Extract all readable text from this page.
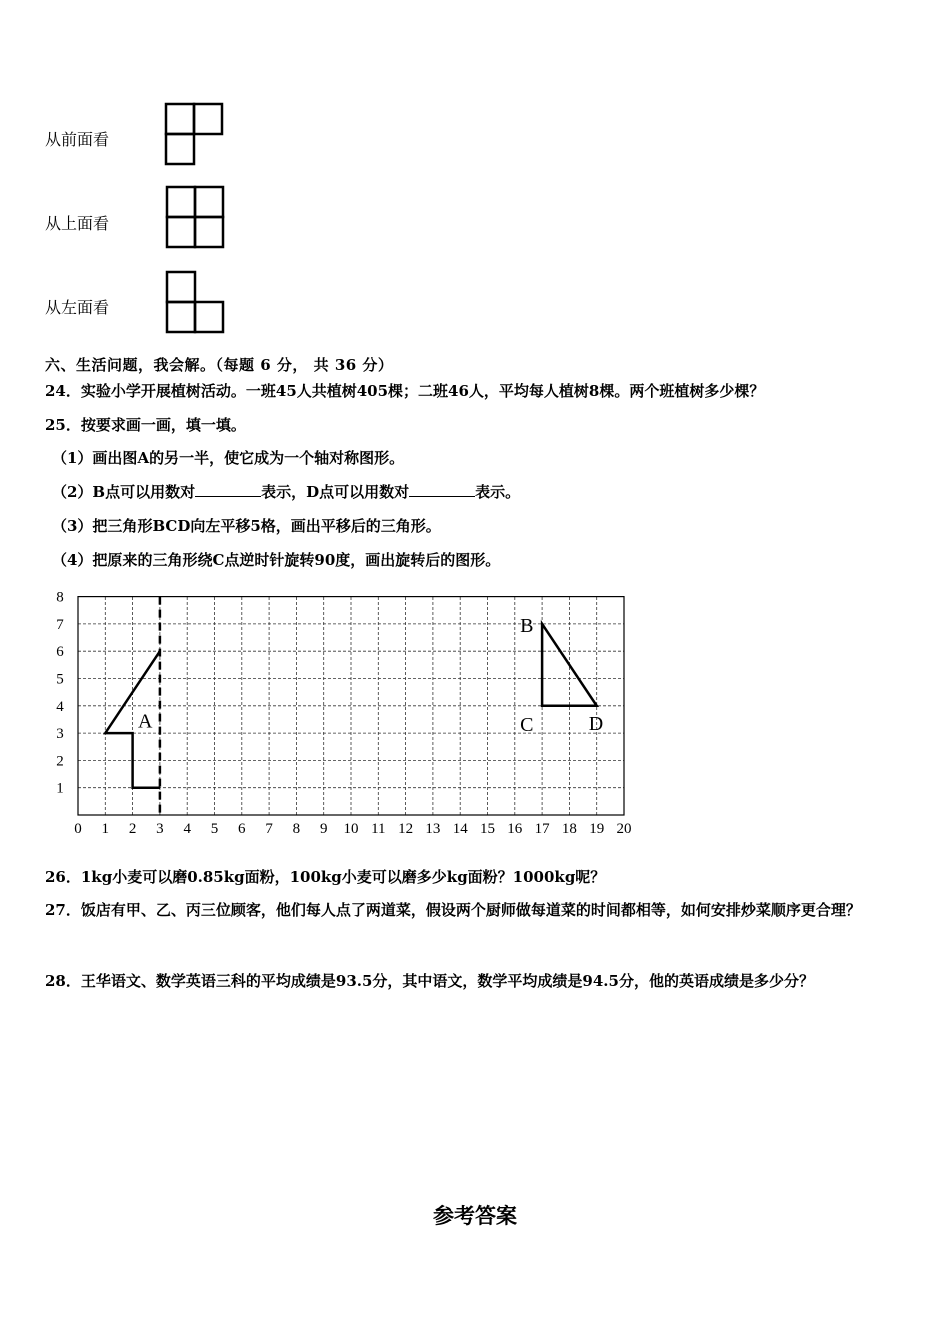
从前面看
从上面看
从左面看
六、生活问题，我会解。（每题 6 分， 共 36 分）
24．实验小学开展植树活动。一班45人共植树405棵；二班46人，平均每人植树8棵。两个班植树多少棵？
25．按要求画一画，填一填。
（1）画出图A的另一半，使它成为一个轴对称图形。
（2）B点可以用数对	表示，D点可以用数对	表示。
（3）把三角形BCD向左平移5格，画出平移后的三角形。
（4）把原来的三角形绕C点逆时针旋转90度，画出旋转后的图形。
0 1 2 3 4 5 6 7 8 9 10 11 12 13 14 15 16 17 18 19 20
1
2
3
4
5
6
7
8
A
B
C	D
26．1kg小麦可以磨0.85kg面粉，100kg小麦可以磨多少kg面粉？1000kg呢？
27．饭店有甲、乙、丙三位顾客，他们每人点了两道菜，假设两个厨师做每道菜的时间都相等，如何安排炒菜顺序更合理？
28．王华语文、数学英语三科的平均成绩是93.5分，其中语文，数学平均成绩是94.5分，他的英语成绩是多少分？
参考答案
